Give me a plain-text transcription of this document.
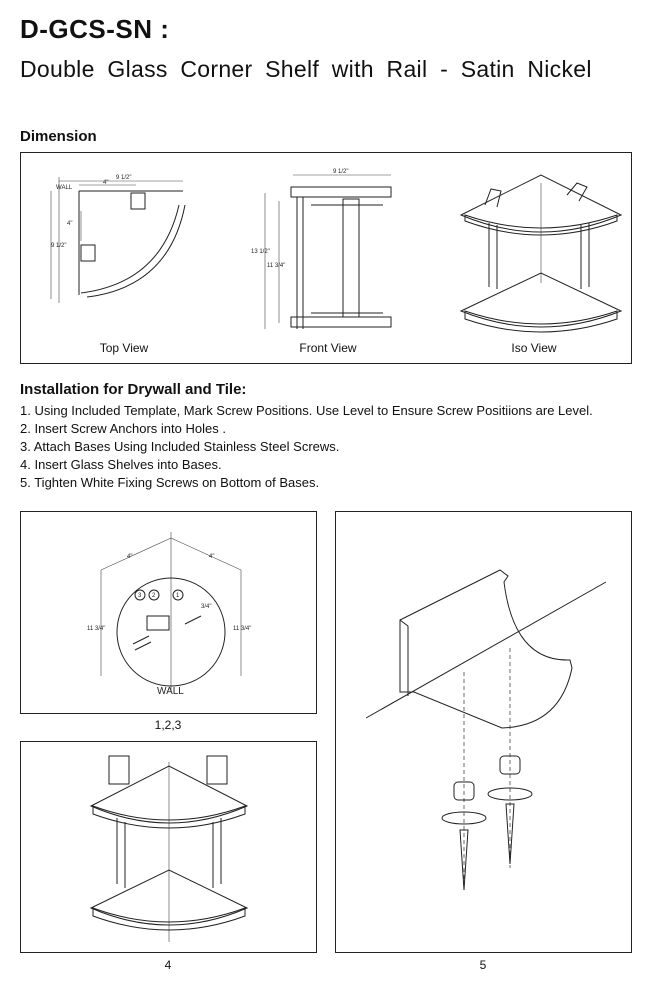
D-GCS-SN :
Double Glass Corner Shelf with Rail - Satin Nickel
Dimension
9 1/2"
4"
WALL
9 1/2"
4"
9 1/2"
13 1/2"
11 3/4"
Top View	Front View	Iso View
Installation for Drywall and Tile:
1. Using Included Template, Mark Screw Positions. Use Level to Ensure Screw Positiions are Level.
2. Insert Screw Anchors into Holes .
3. Attach Bases Using Included Stainless Steel Screws.
4. Insert Glass Shelves into Bases.
5. Tighten White Fixing Screws on Bottom of Bases.
3 2	1
4"	4"
11 3/4"	11 3/4"
3/4"
WALL
1,2,3
4	5
